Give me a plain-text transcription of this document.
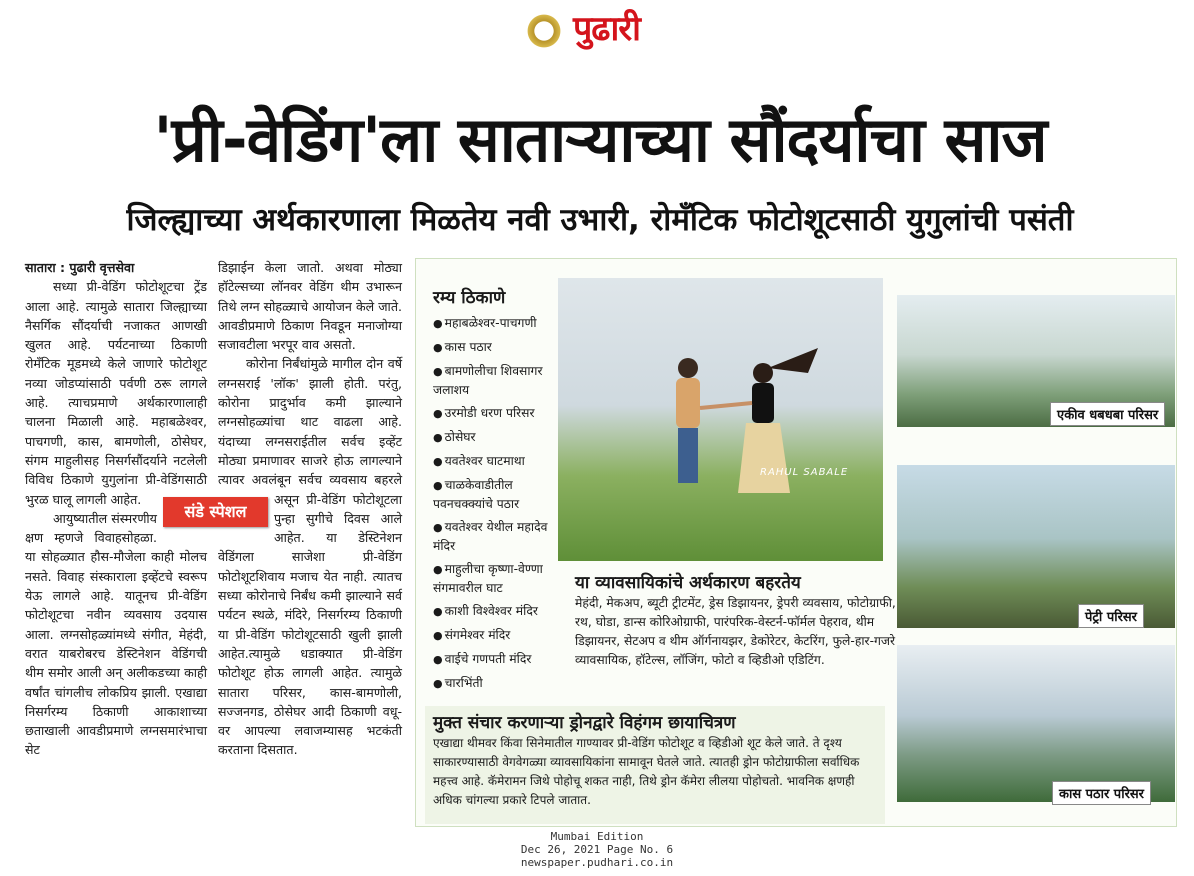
पुढारी
'प्री-वेडिंग'ला साताऱ्याच्या सौंदर्याचा साज
जिल्ह्याच्या अर्थकारणाला मिळतेय नवी उभारी, रोमँटिक फोटोशूटसाठी युगुलांची पसंती

सातारा : पुढारी वृत्तसेवा

सध्या प्री-वेडिंग फोटोशूटचा ट्रेंड आला आहे. त्यामुळे सातारा जिल्ह्याच्या नैसर्गिक सौंदर्याची नजाकत आणखी खुलत आहे. पर्यटनाच्या ठिकाणी रोमँटिक मूडमध्ये केले जाणारे फोटोशूट नव्या जोडप्यांसाठी पर्वणी ठरू लागले आहे. त्याचप्रमाणे अर्थकारणालाही चालना मिळाली आहे. महाबळेश्वर, पाचगणी, कास, बामणोली, ठोसेघर, संगम माहुलीसह निसर्गसौंदर्याने नटलेली विविध ठिकाणे युगुलांना प्री-वेडिंगसाठी भुरळ घालू लागली आहेत.

आयुष्यातील संस्मरणीय क्षण म्हणजे विवाहसोहळा. या सोहळ्यात हौस-मौजेला काही मोलच नसते. विवाह संस्काराला इव्हेंटचे स्वरूप येऊ लागले आहे. यातूनच प्री-वेडिंग फोटोशूटचा नवीन व्यवसाय उदयास आला. लग्नसोहळ्यांमध्ये संगीत, मेहंदी, वरात याबरोबरच डेस्टिनेशन वेडिंगची थीम समोर आली अन् अलीकडच्या काही वर्षांत चांगलीच लोकप्रिय झाली. एखाद्या निसर्गरम्य ठिकाणी आकाशाच्या छताखाली आवडीप्रमाणे लग्नसमारंभाचा सेट

डिझाईन केला जातो. अथवा मोठ्या हॉटेल्सच्या लॉनवर वेडिंग थीम उभारून तिथे लग्न सोहळ्याचे आयोजन केले जाते. आवडीप्रमाणे ठिकाण निवडून मनाजोग्या सजावटीला भरपूर वाव असतो.

कोरोना निर्बंधांमुळे मागील दोन वर्षे लग्नसराई 'लॉक' झाली होती. परंतु, कोरोना प्रादुर्भाव कमी झाल्याने लग्नसोहळ्यांचा थाट वाढला आहे. यंदाच्या लग्नसराईतील सर्वच इव्हेंट मोठ्या प्रमाणावर साजरे होऊ लागल्याने त्यावर अवलंबून सर्वच व्यवसाय बहरले असून प्री-वेडिंग फोटोशूटला पुन्हा सुगीचे दिवस आले आहेत. या डेस्टिनेशन वेडिंगला साजेशा प्री-वेडिंग फोटोशूटशिवाय मजाच येत नाही. त्यातच सध्या कोरोनाचे निर्बंध कमी झाल्याने सर्व पर्यटन स्थळे, मंदिरे, निसर्गरम्य ठिकाणी या प्री-वेडिंग फोटोशूटसाठी खुली झाली आहेत.त्यामुळे धडाक्यात प्री-वेडिंग फोटोशूट होऊ लागली आहेत. त्यामुळे सातारा परिसर, कास-बामणोली, सज्जनगड, ठोसेघर आदी ठिकाणी वधू-वर आपल्या लवाजम्यासह भटकंती करताना दिसतात.

संडे स्पेशल
रम्य ठिकाणे
● महाबळेश्वर-पाचगणी
● कास पठार
● बामणोलीचा शिवसागर जलाशय
● उरमोडी धरण परिसर
● ठोसेघर
● यवतेश्वर घाटमाथा
● चाळकेवाडीतील पवनचक्क्यांचे पठार
● यवतेश्वर येथील महादेव मंदिर
● माहुलीचा कृष्णा-वेण्णा संगमावरील घाट
● काशी विश्वेश्वर मंदिर
● संगमेश्वर मंदिर
● वाईचे गणपती मंदिर
● चारभिंती
RAHUL SABALE
एकीव धबधबा परिसर
पेट्री परिसर
कास पठार परिसर
या व्यावसायिकांचे अर्थकारण बहरतेय

मेहंदी, मेकअप, ब्यूटी ट्रीटमेंट, ड्रेस डिझायनर, ड्रेपरी व्यवसाय, फोटोग्राफी, रथ, घोडा, डान्स कोरिओग्राफी, पारंपरिक-वेस्टर्न-फॉर्मल पेहराव, थीम डिझायनर, सेटअप व थीम ऑर्गनायझर, डेकोरेटर, केटरिंग, फुले-हार-गजरे व्यावसायिक, हॉटेल्स, लॉजिंग, फोटो व व्हिडीओ एडिटिंग.

मुक्त संचार करणाऱ्या ड्रोनद्वारे विहंगम छायाचित्रण

एखाद्या थीमवर किंवा सिनेमातील गाण्यावर प्री-वेडिंग फोटोशूट व व्हिडीओ शूट केले जाते. ते दृश्य साकारण्यासाठी वेगवेगळ्या व्यावसायिकांना सामावून घेतले जाते. त्यातही ड्रोन फोटोग्राफीला सर्वाधिक महत्त्व आहे. कॅमेरामन जिथे पोहोचू शकत नाही, तिथे ड्रोन कॅमेरा लीलया पोहोचतो. भावनिक क्षणही अधिक चांगल्या प्रकारे टिपले जातात.

Mumbai Edition
Dec 26, 2021 Page No. 6
newspaper.pudhari.co.in
